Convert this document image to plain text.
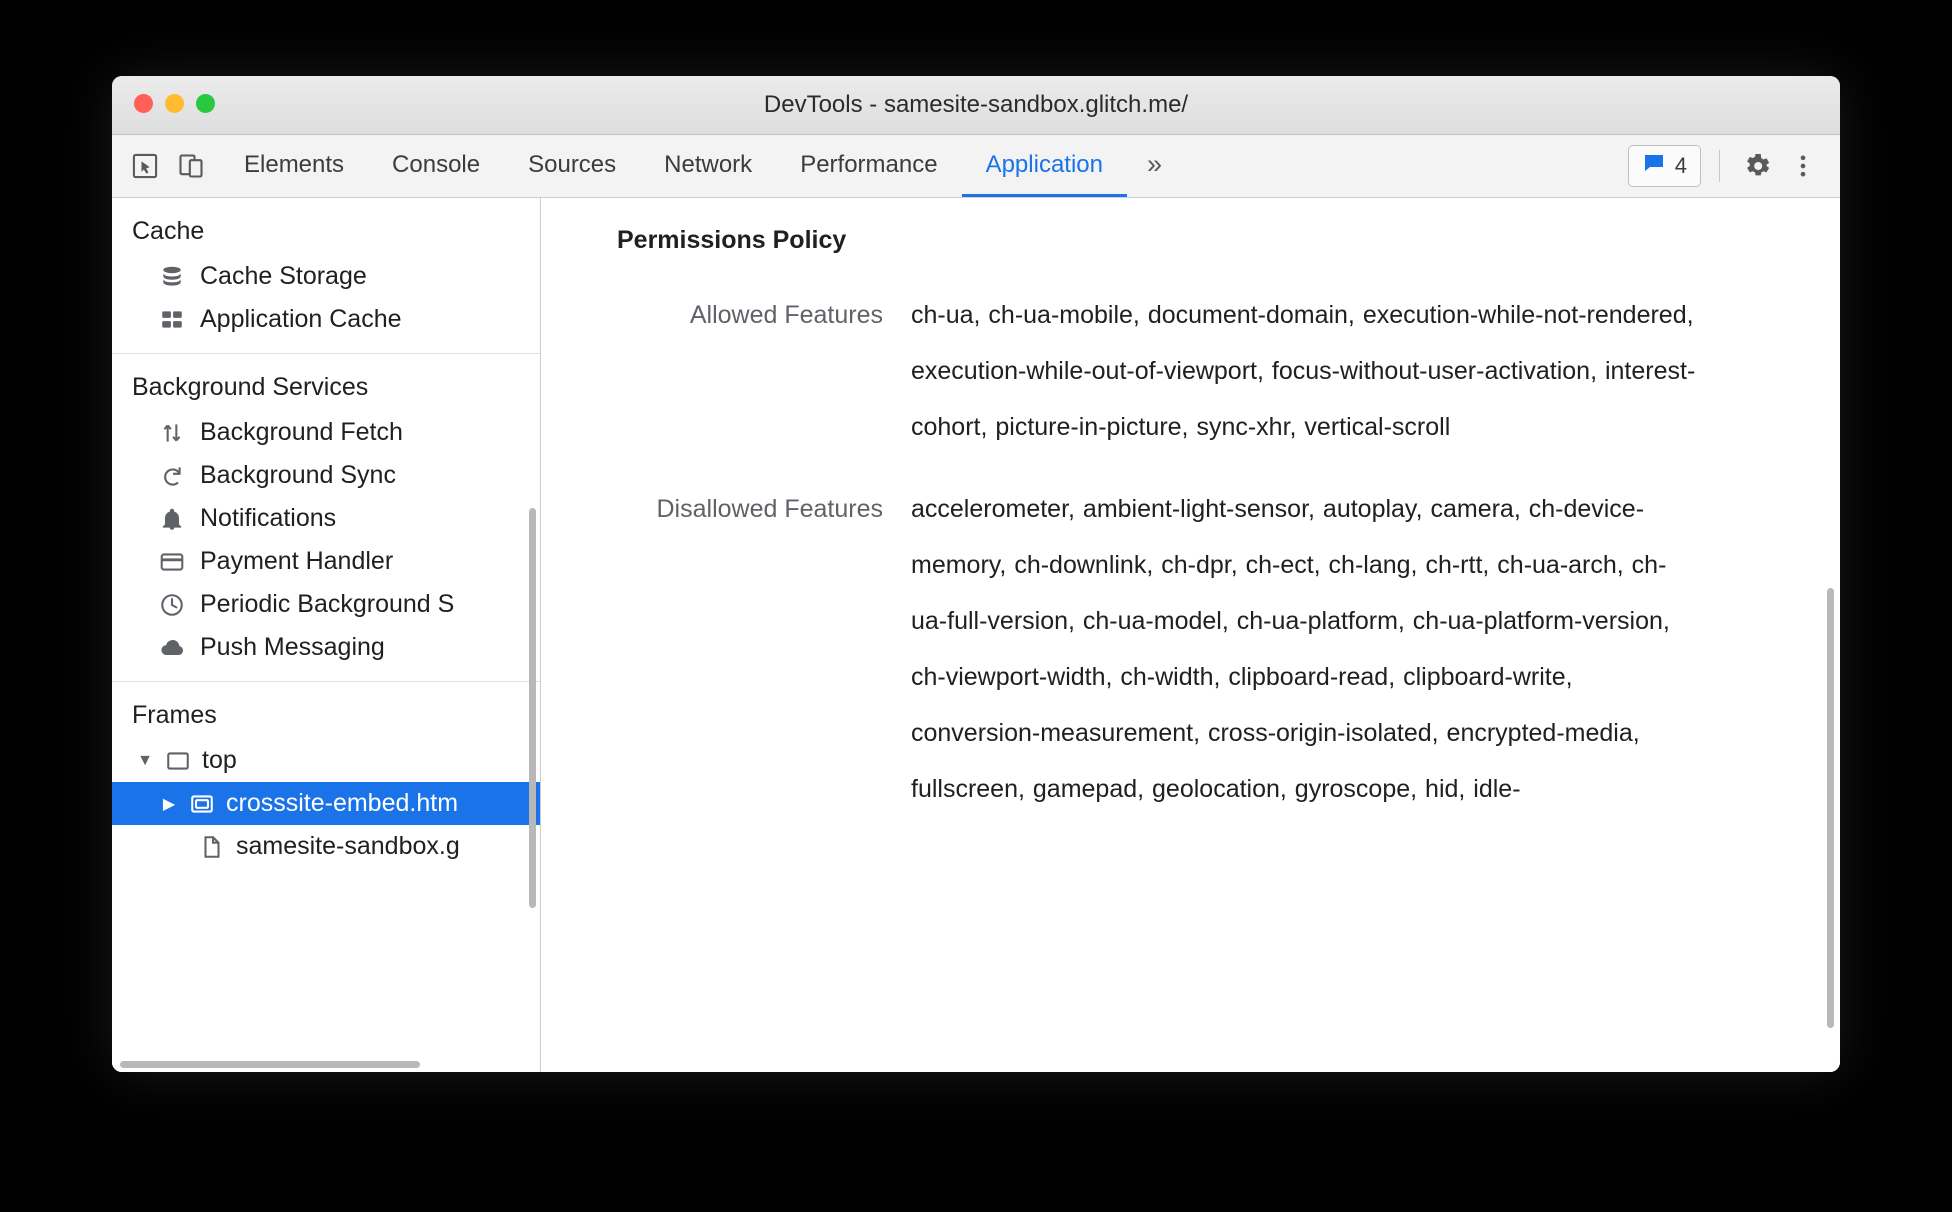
DevTools - samesite-sandbox.glitch.me/
Elements	Console	Sources	Network	Performance	Application	»	4
Cache
Cache Storage
Application Cache
Background Services
Background Fetch
Background Sync
Notifications
Payment Handler
Periodic Background S
Push Messaging
Frames
▼ top
▶ crosssite-embed.htm
samesite-sandbox.g
Permissions Policy
Allowed Features	ch-ua, ch-ua-mobile, document-domain, execution-while-not-rendered, execution-while-out-of-viewport, focus-without-user-activation, interest-cohort, picture-in-picture, sync-xhr, vertical-scroll
Disallowed Features	accelerometer, ambient-light-sensor, autoplay, camera, ch-device-memory, ch-downlink, ch-dpr, ch-ect, ch-lang, ch-rtt, ch-ua-arch, ch-ua-full-version, ch-ua-model, ch-ua-platform, ch-ua-platform-version, ch-viewport-width, ch-width, clipboard-read, clipboard-write, conversion-measurement, cross-origin-isolated, encrypted-media, fullscreen, gamepad, geolocation, gyroscope, hid, idle-
